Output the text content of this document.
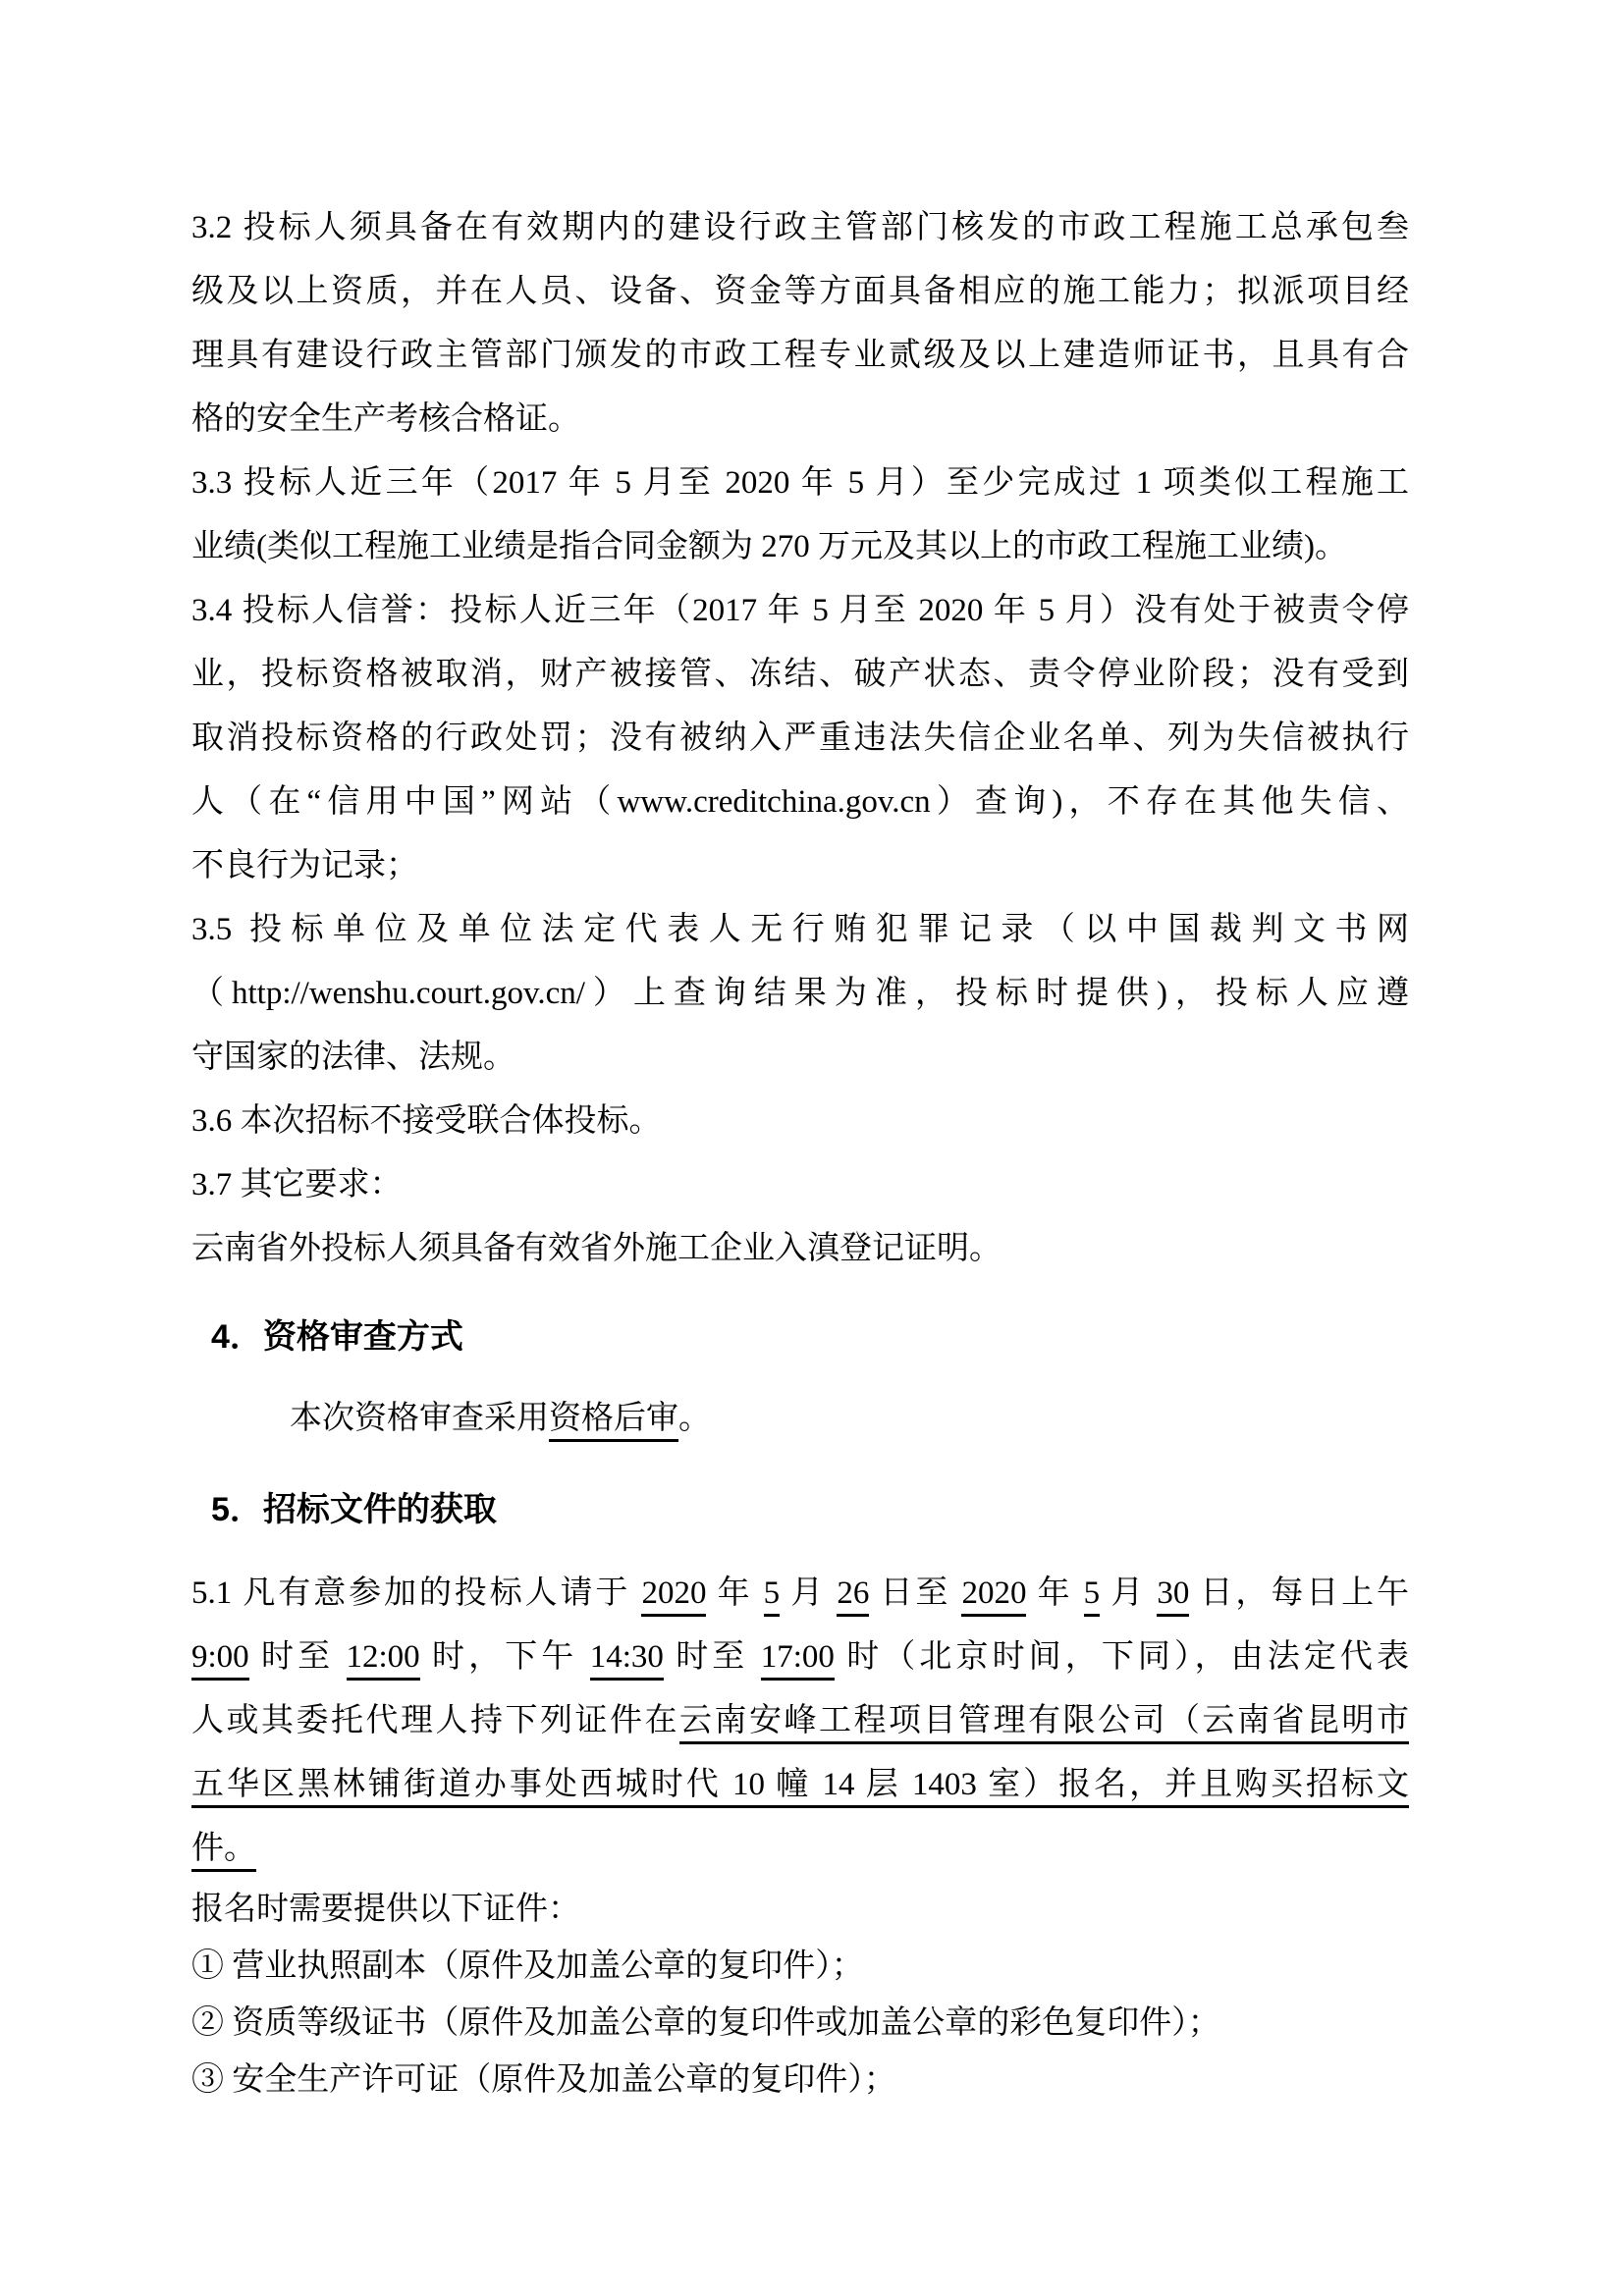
3.2 投标人须具备在有效期内的建设行政主管部门核发的市政工程施工总承包叁
级及以上资质，并在人员、设备、资金等方面具备相应的施工能力；拟派项目经
理具有建设行政主管部门颁发的市政工程专业贰级及以上建造师证书，且具有合
格的安全生产考核合格证。
3.3 投标人近三年（2017 年 5 月至 2020 年 5 月）至少完成过 1 项类似工程施工
业绩(类似工程施工业绩是指合同金额为 270 万元及其以上的市政工程施工业绩)。
3.4 投标人信誉：投标人近三年（2017 年 5 月至 2020 年 5 月）没有处于被责令停
业，投标资格被取消，财产被接管、冻结、破产状态、责令停业阶段；没有受到
取消投标资格的行政处罚；没有被纳入严重违法失信企业名单、列为失信被执行
人（在“信用中国”网站（www.creditchina.gov.cn）查询)，不存在其他失信、
不良行为记录；
3.5 投标单位及单位法定代表人无行贿犯罪记录（以中国裁判文书网
（http://wenshu.court.gov.cn/）上查询结果为准，投标时提供)，投标人应遵
守国家的法律、法规。
3.6 本次招标不接受联合体投标。
3.7 其它要求：
云南省外投标人须具备有效省外施工企业入滇登记证明。
4．资格审查方式
本次资格审查采用资格后审。
5．招标文件的获取
5.1 凡有意参加的投标人请于 2020 年 5 月 26 日至 2020 年 5 月 30 日，每日上午
9:00 时至 12:00 时，下午 14:30 时至 17:00 时（北京时间，下同），由法定代表
人或其委托代理人持下列证件在云南安峰工程项目管理有限公司（云南省昆明市
五华区黑林铺街道办事处西城时代 10 幢 14 层 1403 室）报名，并且购买招标文
件。
报名时需要提供以下证件：
① 营业执照副本（原件及加盖公章的复印件）；
② 资质等级证书（原件及加盖公章的复印件或加盖公章的彩色复印件）；
③ 安全生产许可证（原件及加盖公章的复印件）；
